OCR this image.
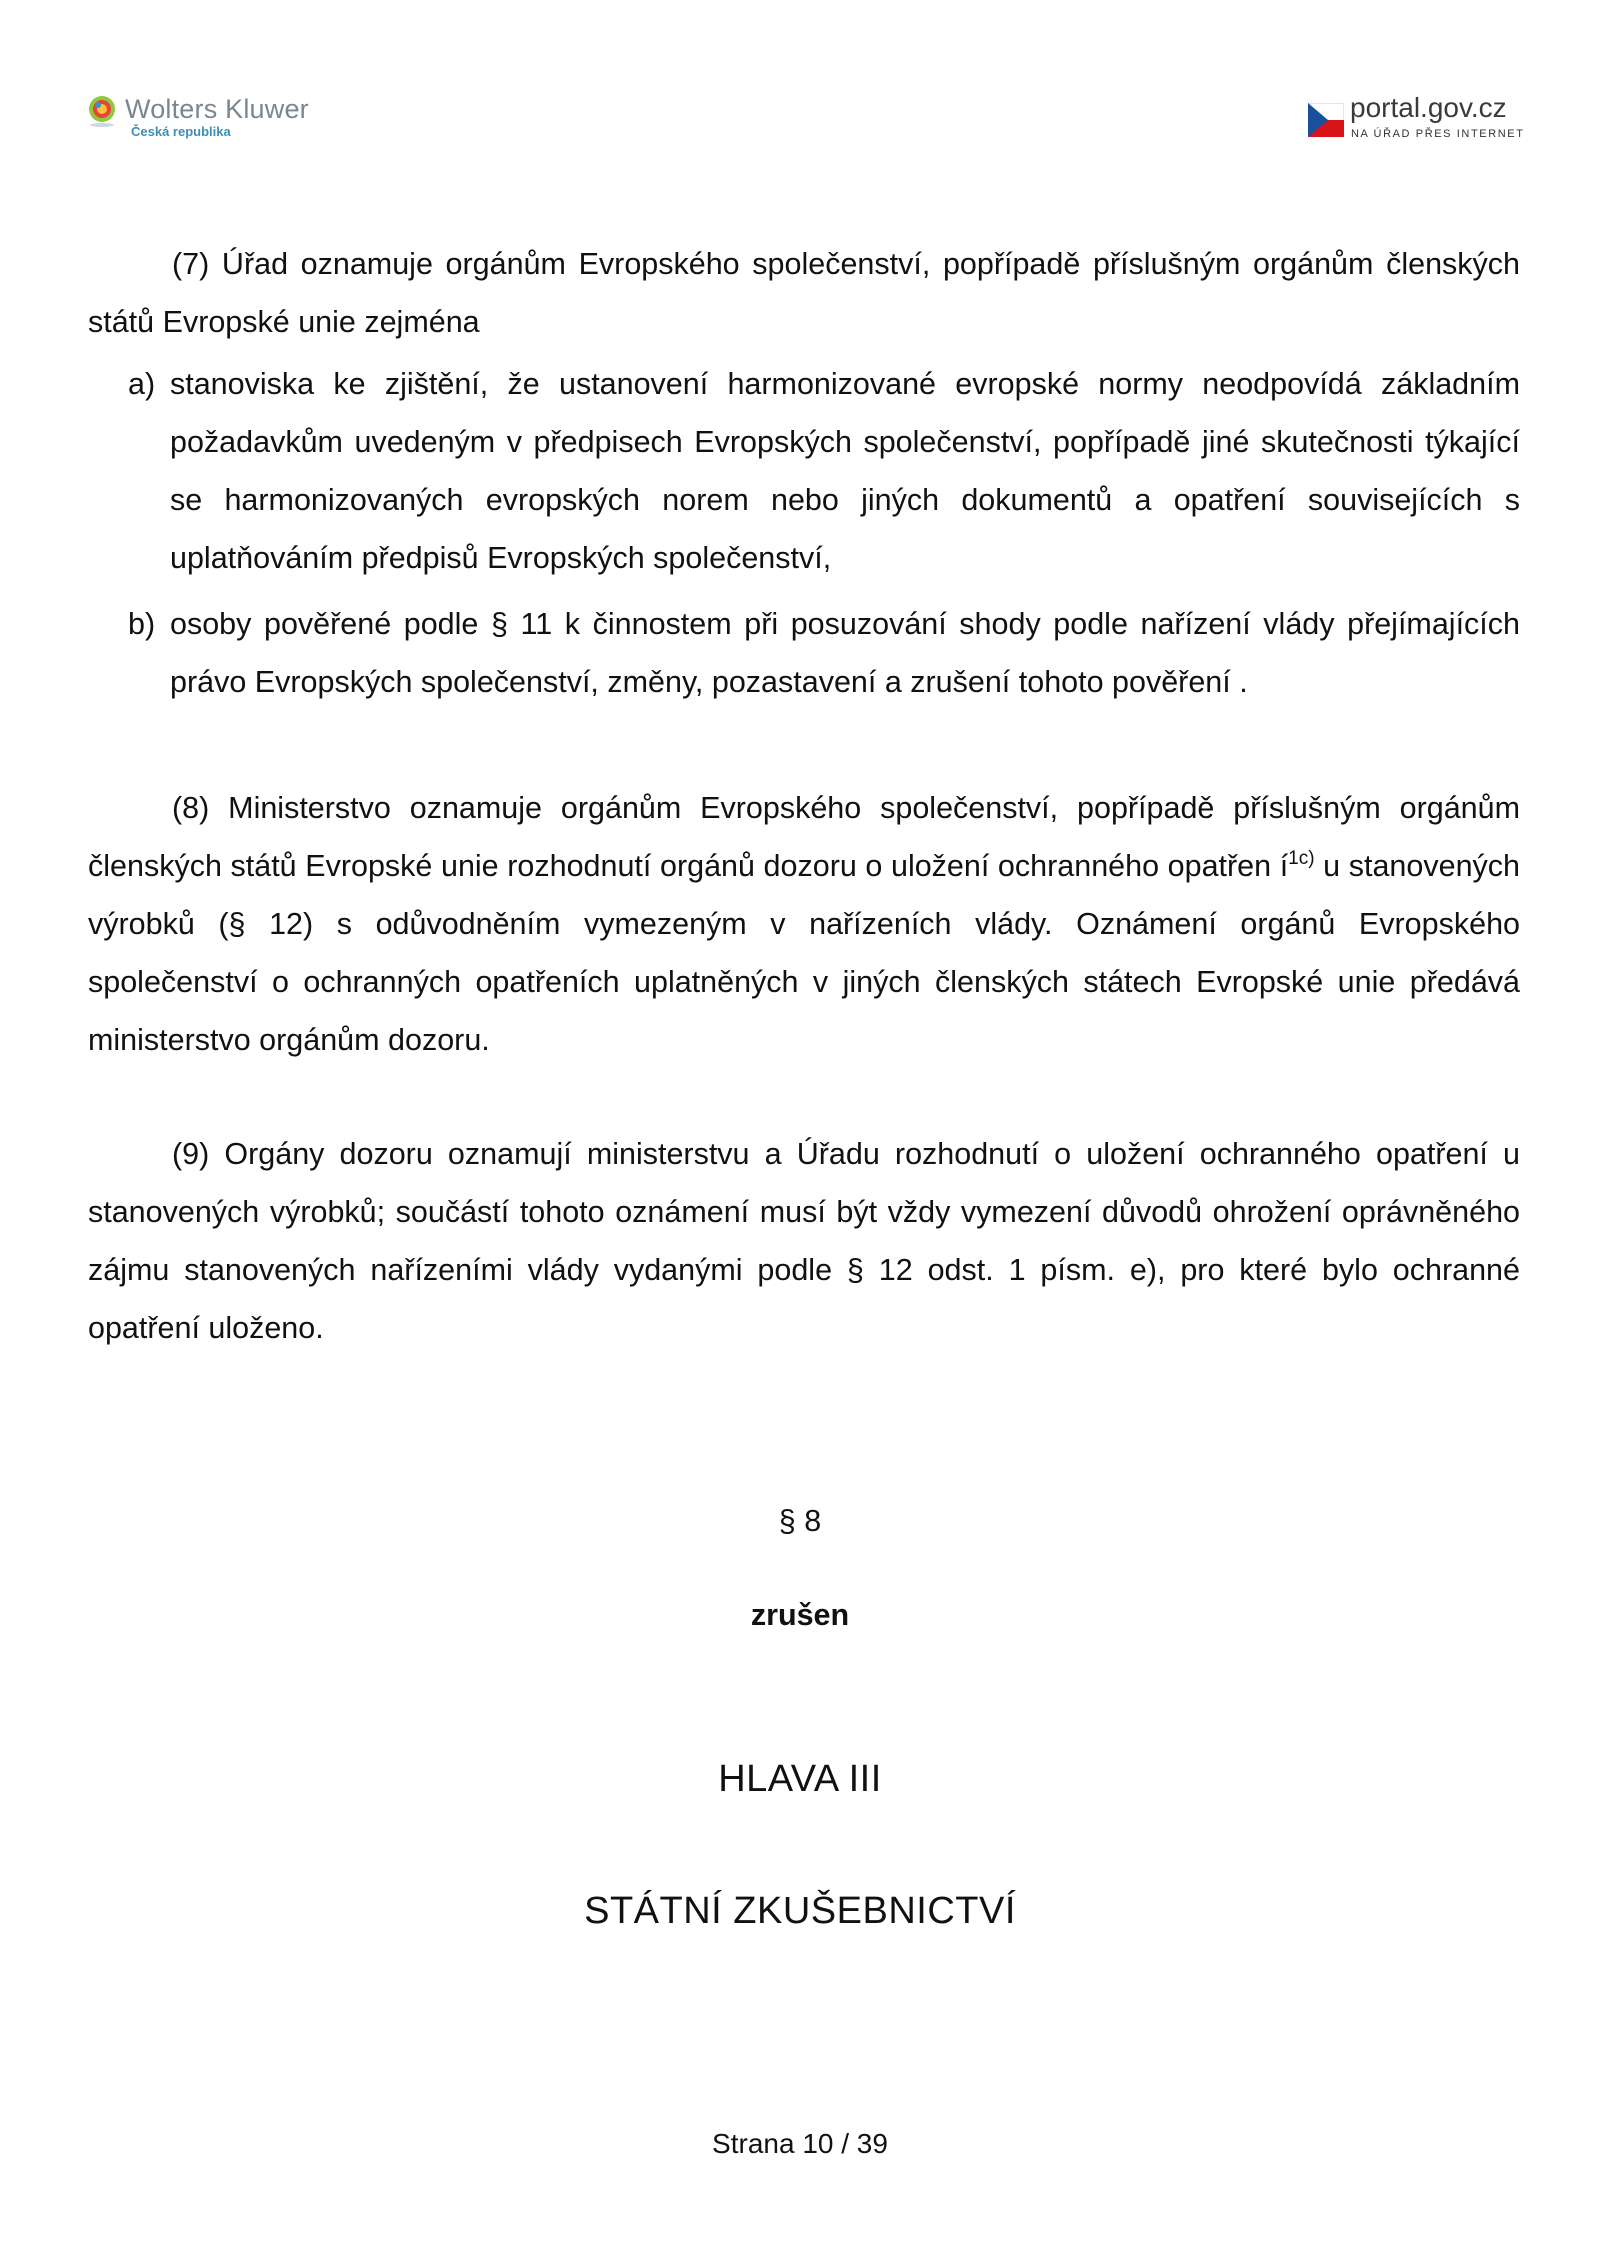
Wolters Kluwer
Česká republika
portal.gov.cz
NA ÚŘAD PŘES INTERNET

(7) Úřad oznamuje orgánům Evropského společenství, popřípadě příslušným orgánům členských států Evropské unie zejména

a) stanoviska ke zjištění, že ustanovení harmonizované evropské normy neodpovídá základním požadavkům uvedeným v předpisech Evropských společenství, popřípadě jiné skutečnosti týkající se harmonizovaných evropských norem nebo jiných dokumentů a opatření souvisejících s uplatňováním předpisů Evropských společenství,
b) osoby pověřené podle § 11 k činnostem při posuzování shody podle nařízení vlády přejímajících právo Evropských společenství, změny, pozastavení a zrušení tohoto pověření .

(8) Ministerstvo oznamuje orgánům Evropského společenství, popřípadě příslušným orgánům členských států Evropské unie rozhodnutí orgánů dozoru o uložení ochranného opatřen $í^{1c)}$ u stanovených výrobků (§ 12) s odůvodněním vymezeným v nařízeních vlády. Oznámení orgánů Evropského společenství o ochranných opatřeních uplatněných v jiných členských státech Evropské unie předává ministerstvo orgánům dozoru.

(9) Orgány dozoru oznamují ministerstvu a Úřadu rozhodnutí o uložení ochranného opatření u stanovených výrobků; součástí tohoto oznámení musí být vždy vymezení důvodů ohrožení oprávněného zájmu stanovených nařízeními vlády vydanými podle § 12 odst. 1 písm. e), pro které bylo ochranné opatření uloženo.

§ 8
zrušen
HLAVA III
STÁTNÍ ZKUŠEBNICTVÍ
Strana 10 / 39
